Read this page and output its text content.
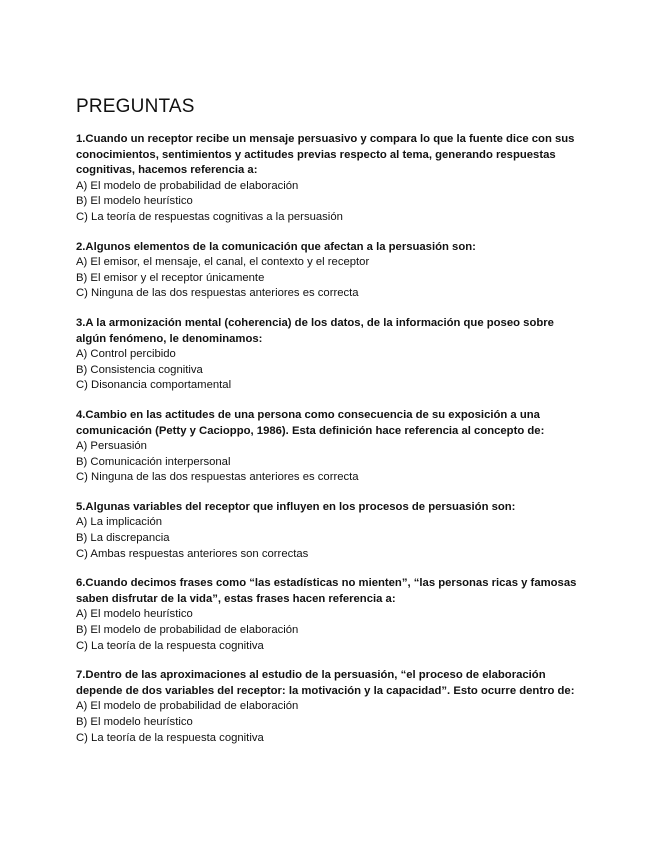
PREGUNTAS

1.Cuando un receptor recibe un mensaje persuasivo y compara lo que la fuente dice con sus conocimientos, sentimientos y actitudes previas respecto al tema, generando respuestas cognitivas, hacemos referencia a:

A) El modelo de probabilidad de elaboración

B) El modelo heurístico

C) La teoría de respuestas cognitivas a la persuasión

2.Algunos elementos de la comunicación que afectan a la persuasión son:

A) El emisor, el mensaje, el canal, el contexto y el receptor

B) El emisor y el receptor únicamente

C) Ninguna de las dos respuestas anteriores es correcta

3.A la armonización mental (coherencia) de los datos, de la información que poseo sobre algún fenómeno, le denominamos:

A) Control percibido

B) Consistencia cognitiva

C) Disonancia comportamental

4.Cambio en las actitudes de una persona como consecuencia de su exposición a una comunicación (Petty y Cacioppo, 1986). Esta definición hace referencia al concepto de:

A) Persuasión

B) Comunicación interpersonal

C) Ninguna de las dos respuestas anteriores es correcta

5.Algunas variables del receptor que influyen en los procesos de persuasión son:

A) La implicación

B) La discrepancia

C) Ambas respuestas anteriores son correctas

6.Cuando decimos frases como “las estadísticas no mienten”, “las personas ricas y famosas saben disfrutar de la vida”, estas frases hacen referencia a:

A) El modelo heurístico

B) El modelo de probabilidad de elaboración

C) La teoría de la respuesta cognitiva

7.Dentro de las aproximaciones al estudio de la persuasión, “el proceso de elaboración depende de dos variables del receptor: la motivación y la capacidad”. Esto ocurre dentro de:

A) El modelo de probabilidad de elaboración

B) El modelo heurístico

C) La teoría de la respuesta cognitiva
